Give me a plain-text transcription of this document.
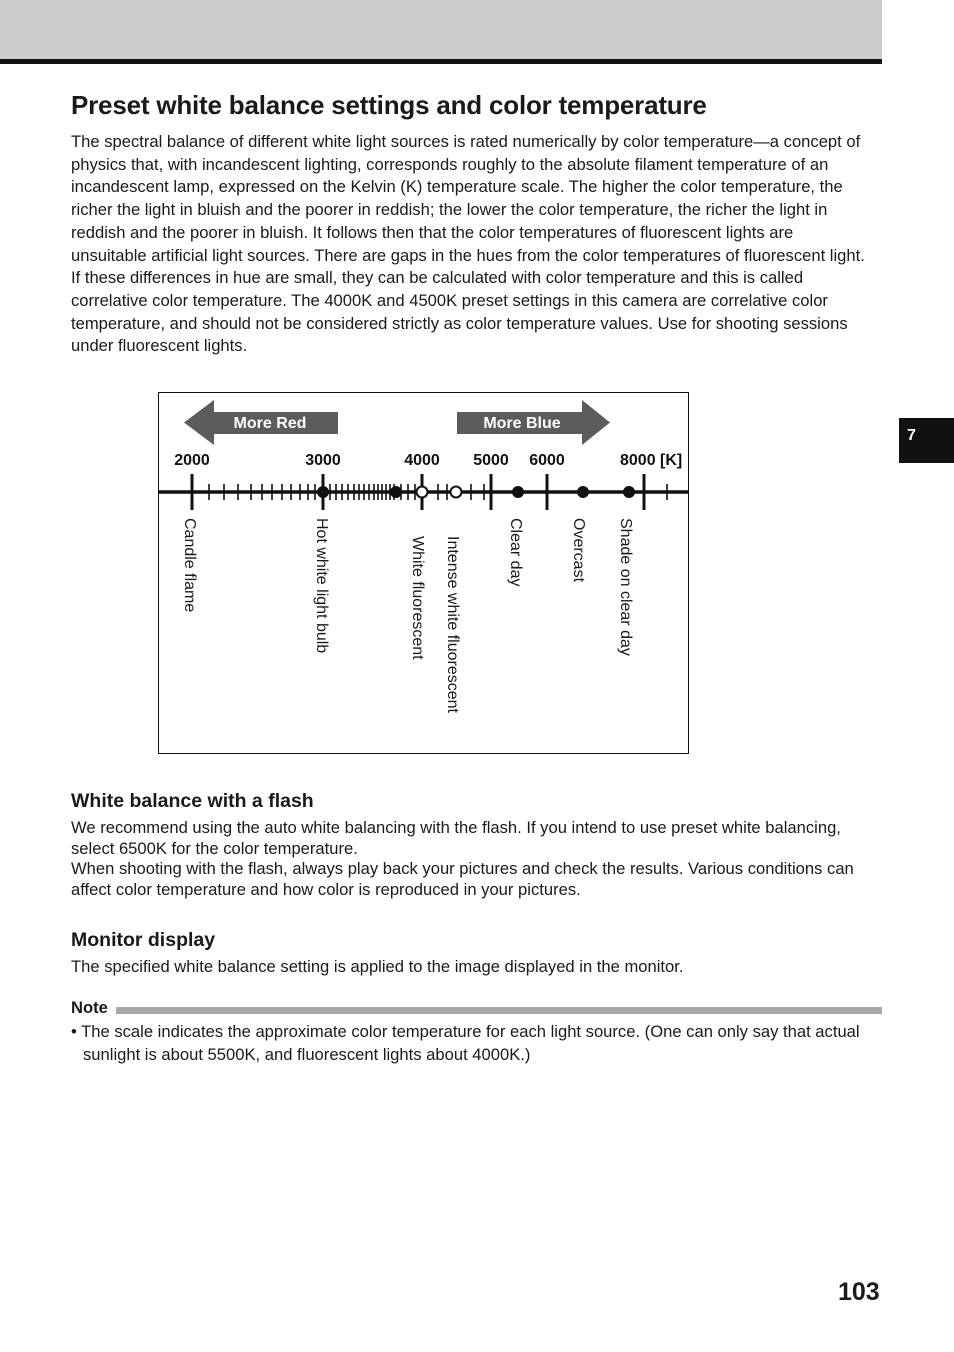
Preset white balance settings and color temperature

The spectral balance of different white light sources is rated numerically by color temperature—a concept of physics that, with incandescent lighting, corresponds roughly to the absolute filament temperature of an incandescent lamp, expressed on the Kelvin (K) temperature scale. The higher the color temperature, the richer the light in bluish and the poorer in reddish; the lower the color temperature, the richer the light in reddish and the poorer in bluish. It follows then that the color temperatures of fluorescent lights are unsuitable artificial light sources. There are gaps in the hues from the color temperatures of fluorescent light. If these differences in hue are small, they can be calculated with color temperature and this is called correlative color temperature. The 4000K and 4500K preset settings in this camera are correlative color temperature, and should not be considered strictly as color temperature values. Use for shooting sessions under fluorescent lights.

More Red	More Blue
2000	3000	4000 5000 6000	8000 [K]
Candle flame	Hot white light bulb	White fluorescent Intense white fluorescent	Clear day	Overcast Shade on clear day
White balance with a flash

We recommend using the auto white balancing with the flash. If you intend to use preset white balancing, select 6500K for the color temperature.

When shooting with the flash, always play back your pictures and check the results. Various conditions can affect color temperature and how color is reproduced in your pictures.

Monitor display

The specified white balance setting is applied to the image displayed in the monitor.

Note

• The scale indicates the approximate color temperature for each light source. (One can only say that actual sunlight is about 5500K, and fluorescent lights about 4000K.)

7
103
